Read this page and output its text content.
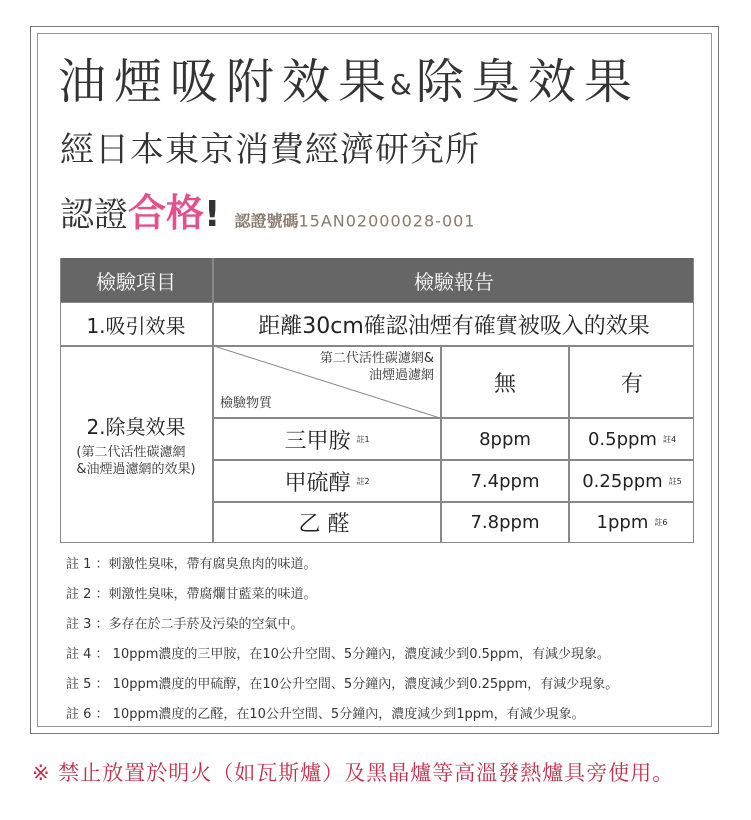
油煙吸附效果&除臭效果
經日本東京消費經濟研究所
認證合格! 認證號碼15AN02000028-001
檢驗項目	檢驗報告
1.吸引效果	距離30cm確認油煙有確實被吸入的效果
2.除臭效果
(第二代活性碳濾網
&油煙過濾網的效果)
第二代活性碳濾網&
油煙過濾網
檢驗物質
無	有
三甲胺 註1	8ppm	0.5ppm 註4
甲硫醇 註2	7.4ppm	0.25ppm 註5
乙 醛	7.8ppm	1ppm 註6
註 1 ：刺激性臭味，帶有腐臭魚肉的味道。
註 2 ：刺激性臭味，帶腐爛甘藍菜的味道。
註 3 ：多存在於二手菸及污染的空氣中。
註 4 ： 10ppm濃度的三甲胺，在10公升空間、5分鐘內，濃度減少到0.5ppm，有減少現象。
註 5 ： 10ppm濃度的甲硫醇，在10公升空間、5分鐘內，濃度減少到0.25ppm，有減少現象。
註 6 ： 10ppm濃度的乙醛，在10公升空間、5分鐘內，濃度減少到1ppm，有減少現象。
※ 禁止放置於明火（如瓦斯爐）及黑晶爐等高溫發熱爐具旁使用。
